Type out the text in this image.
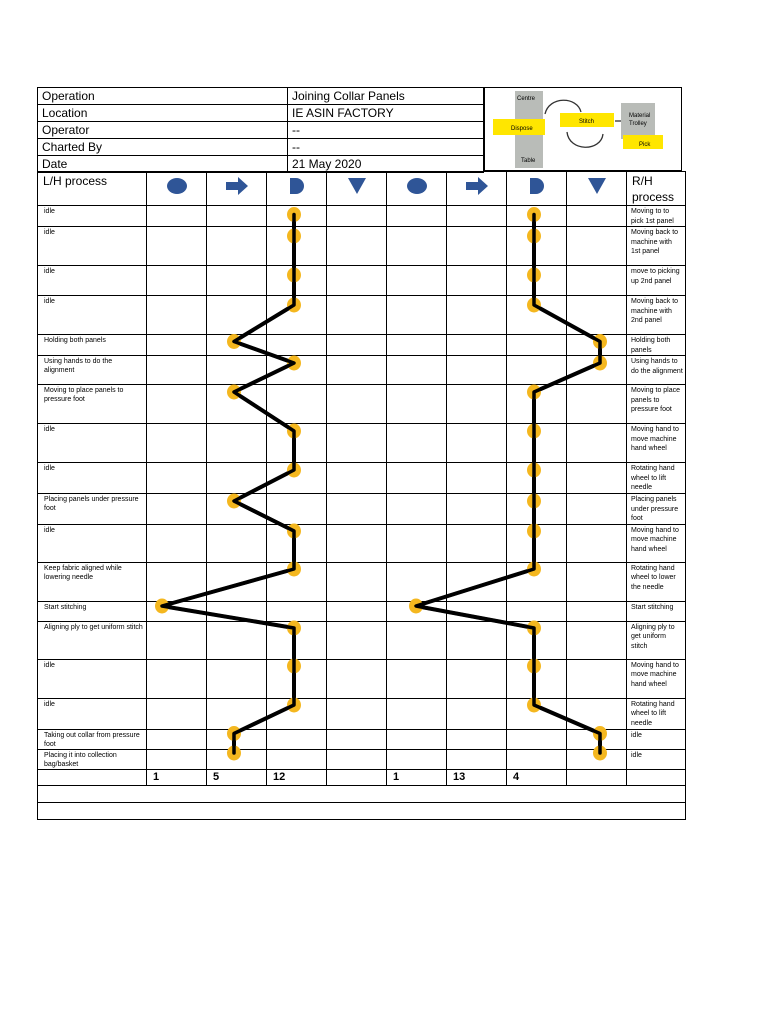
Operation	Joining Collar Panels
Location	IE ASIN FACTORY
Operator	--
Charted By	--
Date	21 May 2020
Centre
Dispose
Stitch
Material
Trolley
Table
Pick
L/H process									R/H process
idle									Moving to to pick 1st panel
idle									Moving back to machine with 1st panel
idle									move to picking up 2nd panel
idle									Moving back to machine with 2nd panel
Holding both panels									Holding both panels
Using hands to do the alignment									Using hands to do the alignment
Moving to place panels to pressure foot									Moving to place panels to pressure foot
idle									Moving hand to move machine hand wheel
idle									Rotating hand wheel to lift needle
Placing panels under pressure foot									Placing panels under pressure foot
idle									Moving hand to move machine hand wheel
Keep fabric aligned while lowering needle									Rotating hand wheel to lower the needle
Start stitching									Start stitching
Aligning ply to get uniform stitch									Aligning ply to get uniform stitch
idle									Moving hand to move machine hand wheel
idle									Rotating hand wheel to lift needle
Taking out collar from pressure foot									idle
Placing it into collection bag/basket									idle
	1	5	12		1	13	4		
